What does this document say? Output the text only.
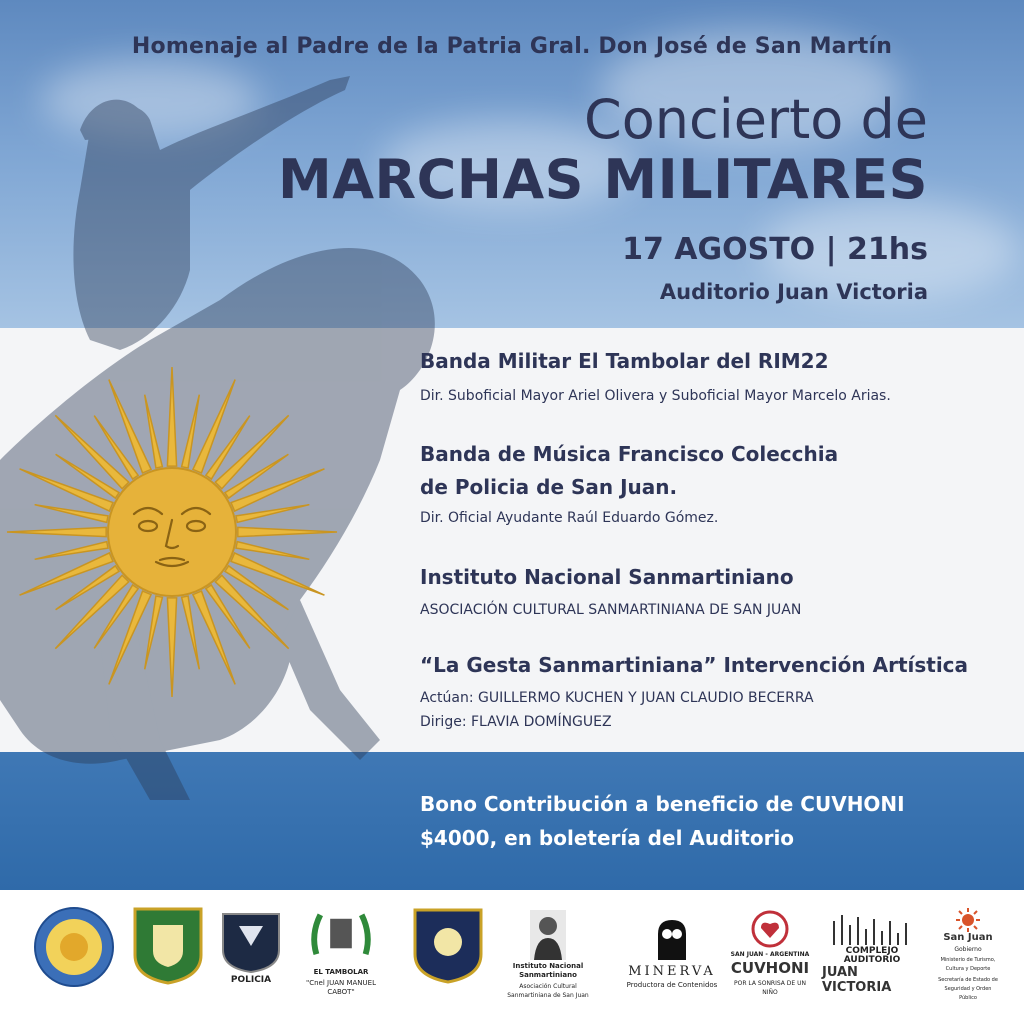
Homenaje al Padre de la Patria Gral. Don José de San Martín
Concierto de
MARCHAS MILITARES
17 AGOSTO | 21hs
Auditorio Juan Victoria
Banda Militar El Tambolar del RIM22
Dir. Suboficial Mayor Ariel Olivera y Suboficial Mayor Marcelo Arias.
Banda de Música Francisco Colecchia
de Policia de San Juan.
Dir. Oficial Ayudante Raúl Eduardo Gómez.
Instituto Nacional Sanmartiniano
ASOCIACIÓN CULTURAL SANMARTINIANA DE SAN JUAN
“La Gesta Sanmartiniana” Intervención Artística
Actúan: GUILLERMO KUCHEN Y JUAN CLAUDIO BECERRA
Dirige: FLAVIA DOMÍNGUEZ
Bono Contribución a beneficio de CUVHONI
$4000, en boletería del Auditorio
POLICIA
EL TAMBOLAR
"Cnel JUAN MANUEL CABOT"
Instituto Nacional Sanmartiniano
Asociación Cultural Sanmartiniana de San Juan
MINERVA
Productora de Contenidos
SAN JUAN - ARGENTINA
CUVHONI
POR LA SONRISA DE UN NIÑO
COMPLEJO AUDITORIO
JUAN VICTORIA
San Juan
Gobierno
Ministerio de Turismo, Cultura y Deporte
Secretaría de Estado de Seguridad y Orden Público
